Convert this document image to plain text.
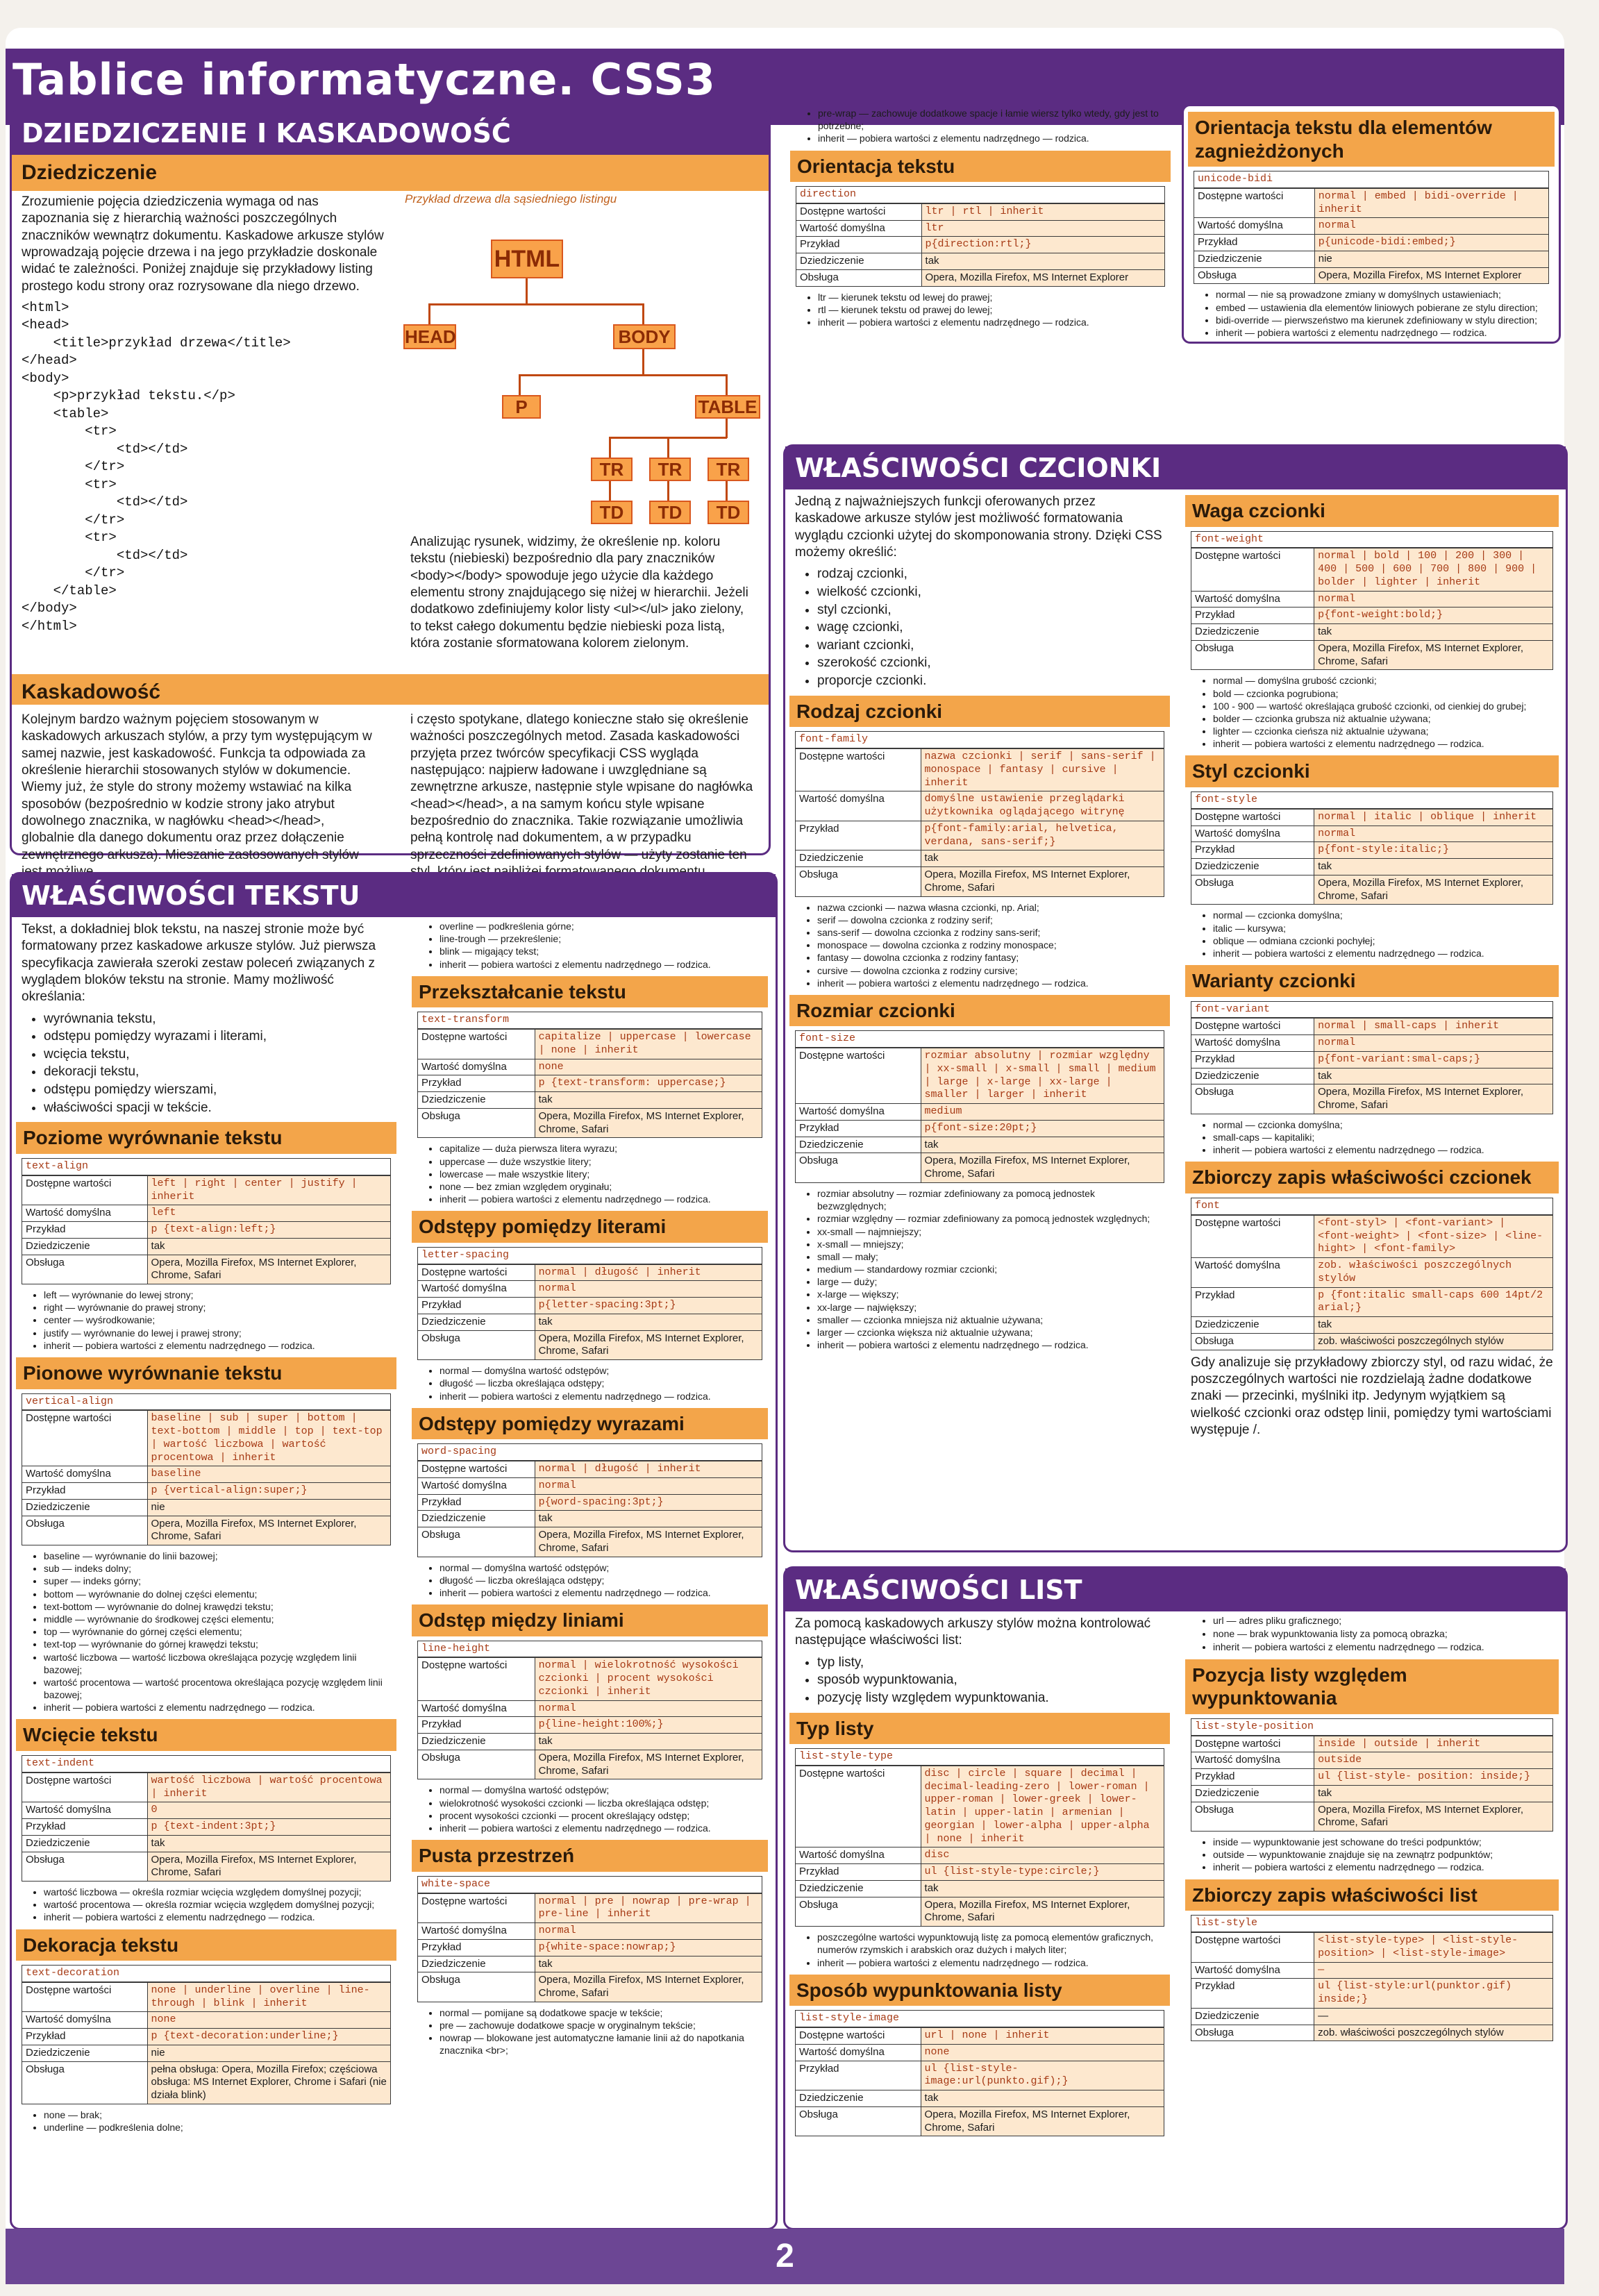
Tablice informatyczne. CSS3
DZIEDZICZENIE I KASKADOWOŚĆ
Dziedziczenie

Zrozumienie pojęcia dziedziczenia wymaga od nas zapoznania się z hierarchią ważności poszczególnych znaczników wewnątrz dokumentu. Kaskadowe arkusze stylów wprowadzają pojęcie drzewa i na jego przykładzie doskonale widać te zależności. Poniżej znajduje się przykładowy listing prostego kodu strony oraz rozrysowane dla niego drzewo.

<html>
<head>
<title>przykład drzewa</title>
</head>
<body>
<p>przykład tekstu.</p>
<table>
<tr>
<td></td>
</tr>
<tr>
<td></td>
</tr>
<tr>
<td></td>
</tr>
</table>
</body>
</html>
Przykład drzewa dla sąsiedniego listingu
HTML
HEAD	BODY
P	TABLE
TR	TR	TR
TD	TD	TD

Analizując rysunek, widzimy, że określenie np. koloru tekstu (niebieski) bezpośrednio dla pary znaczników <body></body> spowoduje jego użycie dla każdego elementu strony znajdującego się niżej w hierarchii. Jeżeli dodatkowo zdefiniujemy kolor listy <ul></ul> jako zielony, to tekst całego dokumentu będzie niebieski poza listą, która zostanie sformatowana kolorem zielonym.

Kaskadowość

Kolejnym bardzo ważnym pojęciem stosowanym w kaskadowych arkuszach stylów, a przy tym występującym w samej nazwie, jest kaskadowość. Funkcja ta odpowiada za określenie hierarchii stosowanych stylów w dokumencie. Wiemy już, że style do strony możemy wstawiać na kilka sposobów (bezpośrednio w kodzie strony jako atrybut dowolnego znacznika, w nagłówku <head></head>, globalnie dla danego dokumentu oraz przez dołączenie zewnętrznego arkusza). Mieszanie zastosowanych stylów

i często spotykane, dlatego konieczne stało się określenie ważności poszczególnych metod. Zasada kaskadowości przyjęta przez twórców specyfikacji CSS wygląda następująco: najpierw ładowane i uwzględniane są zewnętrzne arkusze, następnie style wpisane do nagłówka <head></head>, a na samym końcu style wpisane bezpośrednio do znacznika. Takie rozwiązanie umożliwia pełną kontrolę nad dokumentem, a w przypadku sprzeczności zdefiniowanych stylów — użyty zostanie ten

WŁAŚCIWOŚCI TEKSTU

Tekst, a dokładniej blok tekstu, na naszej stronie może być formatowany przez kaskadowe arkusze stylów. Już pierwsza specyfikacja zawierała szeroki zestaw poleceń związanych z wyglądem bloków tekstu na stronie. Mamy możliwość określania:

• wyrównania tekstu,
• odstępu pomiędzy wyrazami i literami,
• wcięcia tekstu,
• dekoracji tekstu,
• odstępu pomiędzy wierszami,
• właściwości spacji w tekście.
Poziome wyrównanie tekstu
text-align	
Dostępne wartości	left | right | center | justify | inherit
Wartość domyślna	left
Przykład	p {text-align:left;}
Dziedziczenie	tak
Obsługa	Opera, Mozilla Firefox, MS Internet Explorer, Chrome, Safari
• left — wyrównanie do lewej strony;
• right — wyrównanie do prawej strony;
• center — wyśrodkowanie;
• justify — wyrównanie do lewej i prawej strony;
• inherit — pobiera wartości z elementu nadrzędnego — rodzica.
Pionowe wyrównanie tekstu
vertical-align	
Dostępne wartości	baseline | sub | super | bottom | text-bottom | middle | top | text-top | wartość liczbowa | wartość procentowa | inherit
Wartość domyślna	baseline
Przykład	p {vertical-align:super;}
Dziedziczenie	nie
Obsługa	Opera, Mozilla Firefox, MS Internet Explorer, Chrome, Safari
• baseline — wyrównanie do linii bazowej;
• sub — indeks dolny;
• super — indeks górny;
• bottom — wyrównanie do dolnej części elementu;
• text-bottom — wyrównanie do dolnej krawędzi tekstu;
• middle — wyrównanie do środkowej części elementu;
• top — wyrównanie do górnej części elementu;
• text-top — wyrównanie do górnej krawędzi tekstu;
• wartość liczbowa — wartość liczbowa określająca pozycję względem linii bazowej;
• wartość procentowa — wartość procentowa określająca pozycję względem linii bazowej;
• inherit — pobiera wartości z elementu nadrzędnego — rodzica.
Wcięcie tekstu
text-indent	
Dostępne wartości	wartość liczbowa | wartość procentowa | inherit
Wartość domyślna	0
Przykład	p {text-indent:3pt;}
Dziedziczenie	tak
Obsługa	Opera, Mozilla Firefox, MS Internet Explorer, Chrome, Safari
• wartość liczbowa — określa rozmiar wcięcia względem domyślnej pozycji;
• wartość procentowa — określa rozmiar wcięcia względem domyślnej pozycji;
• inherit — pobiera wartości z elementu nadrzędnego — rodzica.
Dekoracja tekstu
text-decoration	
Dostępne wartości	none | underline | overline | line-through | blink | inherit
Wartość domyślna	none
Przykład	p {text-decoration:underline;}
Dziedziczenie	nie
Obsługa	pełna obsługa: Opera, Mozilla Firefox; częściowa obsługa: MS Internet Explorer, Chrome i Safari (nie działa blink)
• none — brak;
• underline — podkreślenia dolne;
• overline — podkreślenia górne;
• line-trough — przekreślenie;
• blink — migający tekst;
• inherit — pobiera wartości z elementu nadrzędnego — rodzica.
Przekształcanie tekstu
text-transform	
Dostępne wartości	capitalize | uppercase | lowercase | none | inherit
Wartość domyślna	none
Przykład	p {text-transform: uppercase;}
Dziedziczenie	tak
Obsługa	Opera, Mozilla Firefox, MS Internet Explorer, Chrome, Safari
• capitalize — duża pierwsza litera wyrazu;
• uppercase — duże wszystkie litery;
• lowercase — małe wszystkie litery;
• none — bez zmian względem oryginału;
• inherit — pobiera wartości z elementu nadrzędnego — rodzica.
Odstępy pomiędzy literami
letter-spacing	
Dostępne wartości	normal | długość | inherit
Wartość domyślna	normal
Przykład	p{letter-spacing:3pt;}
Dziedziczenie	tak
Obsługa	Opera, Mozilla Firefox, MS Internet Explorer, Chrome, Safari
• normal — domyślna wartość odstępów;
• długość — liczba określająca odstępy;
• inherit — pobiera wartości z elementu nadrzędnego — rodzica.
Odstępy pomiędzy wyrazami
word-spacing	
Dostępne wartości	normal | długość | inherit
Wartość domyślna	normal
Przykład	p{word-spacing:3pt;}
Dziedziczenie	tak
Obsługa	Opera, Mozilla Firefox, MS Internet Explorer, Chrome, Safari
• normal — domyślna wartość odstępów;
• długość — liczba określająca odstępy;
• inherit — pobiera wartości z elementu nadrzędnego — rodzica.
Odstęp między liniami
line-height	
Dostępne wartości	normal | wielokrotność wysokości czcionki | procent wysokości czcionki | inherit
Wartość domyślna	normal
Przykład	p{line-height:100%;}
Dziedziczenie	tak
Obsługa	Opera, Mozilla Firefox, MS Internet Explorer, Chrome, Safari
• normal — domyślna wartość odstępów;
• wielokrotność wysokości czcionki — liczba określająca odstęp;
• procent wysokości czcionki — procent określający odstęp;
• inherit — pobiera wartości z elementu nadrzędnego — rodzica.
Pusta przestrzeń
white-space	
Dostępne wartości	normal | pre | nowrap | pre-wrap | pre-line | inherit
Wartość domyślna	normal
Przykład	p{white-space:nowrap;}
Dziedziczenie	tak
Obsługa	Opera, Mozilla Firefox, MS Internet Explorer, Chrome, Safari
• normal — pomijane są dodatkowe spacje w tekście;
• pre — zachowuje dodatkowe spacje w oryginalnym tekście;
• nowrap — blokowane jest automatyczne łamanie linii aż do napotkania znacznika <br>;
• pre-wrap — zachowuje dodatkowe spacje i łamie wiersz tylko wtedy, gdy jest to potrzebne;
• inherit — pobiera wartości z elementu nadrzędnego — rodzica.
Orientacja tekstu
direction	
Dostępne wartości	ltr | rtl | inherit
Wartość domyślna	ltr
Przykład	p{direction:rtl;}
Dziedziczenie	tak
Obsługa	Opera, Mozilla Firefox, MS Internet Explorer
• ltr — kierunek tekstu od lewej do prawej;
• rtl — kierunek tekstu od prawej do lewej;
• inherit — pobiera wartości z elementu nadrzędnego — rodzica.
Orientacja tekstu dla elementów zagnieżdżonych
unicode-bidi	
Dostępne wartości	normal | embed | bidi-override | inherit
Wartość domyślna	normal
Przykład	p{unicode-bidi:embed;}
Dziedziczenie	nie
Obsługa	Opera, Mozilla Firefox, MS Internet Explorer
• normal — nie są prowadzone zmiany w domyślnych ustawieniach;
• embed — ustawienia dla elementów liniowych pobierane ze stylu direction;
• bidi-override — pierwszeństwo ma kierunek zdefiniowany w stylu direction;
• inherit — pobiera wartości z elementu nadrzędnego — rodzica.
WŁAŚCIWOŚCI CZCIONKI

Jedną z najważniejszych funkcji oferowanych przez kaskadowe arkusze stylów jest możliwość formatowania wyglądu czcionki użytej do skomponowania strony. Dzięki CSS możemy określić:

• rodzaj czcionki,
• wielkość czcionki,
• styl czcionki,
• wagę czcionki,
• wariant czcionki,
• szerokość czcionki,
• proporcje czcionki.
Rodzaj czcionki
font-family	
Dostępne wartości	nazwa czcionki | serif | sans-serif | monospace | fantasy | cursive | inherit
Wartość domyślna	domyślne ustawienie przeglądarki użytkownika oglądającego witrynę
Przykład	p{font-family:arial, helvetica, verdana, sans-serif;}
Dziedziczenie	tak
Obsługa	Opera, Mozilla Firefox, MS Internet Explorer, Chrome, Safari
• nazwa czcionki — nazwa własna czcionki, np. Arial;
• serif — dowolna czcionka z rodziny serif;
• sans-serif — dowolna czcionka z rodziny sans-serif;
• monospace — dowolna czcionka z rodziny monospace;
• fantasy — dowolna czcionka z rodziny fantasy;
• cursive — dowolna czcionka z rodziny cursive;
• inherit — pobiera wartości z elementu nadrzędnego — rodzica.
Rozmiar czcionki
font-size	
Dostępne wartości	rozmiar absolutny | rozmiar względny | xx-small | x-small | small | medium | large | x-large | xx-large | smaller | larger | inherit
Wartość domyślna	medium
Przykład	p{font-size:20pt;}
Dziedziczenie	tak
Obsługa	Opera, Mozilla Firefox, MS Internet Explorer, Chrome, Safari
• rozmiar absolutny — rozmiar zdefiniowany za pomocą jednostek bezwzględnych;
• rozmiar względny — rozmiar zdefiniowany za pomocą jednostek względnych;
• xx-small — najmniejszy;
• x-small — mniejszy;
• small — mały;
• medium — standardowy rozmiar czcionki;
• large — duży;
• x-large — większy;
• xx-large — największy;
• smaller — czcionka mniejsza niż aktualnie używana;
• larger — czcionka większa niż aktualnie używana;
• inherit — pobiera wartości z elementu nadrzędnego — rodzica.
Waga czcionki
font-weight	
Dostępne wartości	normal | bold | 100 | 200 | 300 | 400 | 500 | 600 | 700 | 800 | 900 | bolder | lighter | inherit
Wartość domyślna	normal
Przykład	p{font-weight:bold;}
Dziedziczenie	tak
Obsługa	Opera, Mozilla Firefox, MS Internet Explorer, Chrome, Safari
• normal — domyślna grubość czcionki;
• bold — czcionka pogrubiona;
• 100 - 900 — wartość określająca grubość czcionki, od cienkiej do grubej;
• bolder — czcionka grubsza niż aktualnie używana;
• lighter — czcionka cieńsza niż aktualnie używana;
• inherit — pobiera wartości z elementu nadrzędnego — rodzica.
Styl czcionki
font-style	
Dostępne wartości	normal | italic | oblique | inherit
Wartość domyślna	normal
Przykład	p{font-style:italic;}
Dziedziczenie	tak
Obsługa	Opera, Mozilla Firefox, MS Internet Explorer, Chrome, Safari
• normal — czcionka domyślna;
• italic — kursywa;
• oblique — odmiana czcionki pochyłej;
• inherit — pobiera wartości z elementu nadrzędnego — rodzica.
Warianty czcionki
font-variant	
Dostępne wartości	normal | small-caps | inherit
Wartość domyślna	normal
Przykład	p{font-variant:smal-caps;}
Dziedziczenie	tak
Obsługa	Opera, Mozilla Firefox, MS Internet Explorer, Chrome, Safari
• normal — czcionka domyślna;
• small-caps — kapitaliki;
• inherit — pobiera wartości z elementu nadrzędnego — rodzica.
Zbiorczy zapis właściwości czcionek
font	
Dostępne wartości	<font-styl> | <font-variant> | <font-weight> | <font-size> | <line-hight> | <font-family>
Wartość domyślna	zob. właściwości poszczególnych stylów
Przykład	p {font:italic small-caps 600 14pt/2 arial;}
Dziedziczenie	tak
Obsługa	zob. właściwości poszczególnych stylów

Gdy analizuje się przykładowy zbiorczy styl, od razu widać, że poszczególnych wartości nie rozdzielają żadne dodatkowe znaki — przecinki, myślniki itp. Jedynym wyjątkiem są wielkość czcionki oraz odstęp linii, pomiędzy tymi wartościami występuje /.

WŁAŚCIWOŚCI LIST

Za pomocą kaskadowych arkuszy stylów można kontrolować następujące właściwości list:

• typ listy,
• sposób wypunktowania,
• pozycję listy względem wypunktowania.
Typ listy
list-style-type	
Dostępne wartości	disc | circle | square | decimal | decimal-leading-zero | lower-roman | upper-roman | lower-greek | lower-latin | upper-latin | armenian | georgian | lower-alpha | upper-alpha | none | inherit
Wartość domyślna	disc
Przykład	ul {list-style-type:circle;}
Dziedziczenie	tak
Obsługa	Opera, Mozilla Firefox, MS Internet Explorer, Chrome, Safari
• poszczególne wartości wypunktowują listę za pomocą elementów graficznych, numerów rzymskich i arabskich oraz dużych i małych liter;
• inherit — pobiera wartości z elementu nadrzędnego — rodzica.
Sposób wypunktowania listy
list-style-image	
Dostępne wartości	url | none | inherit
Wartość domyślna	none
Przykład	ul {list-style-image:url(punkto.gif);}
Dziedziczenie	tak
Obsługa	Opera, Mozilla Firefox, MS Internet Explorer, Chrome, Safari
• url — adres pliku graficznego;
• none — brak wypunktowania listy za pomocą obrazka;
• inherit — pobiera wartości z elementu nadrzędnego — rodzica.
Pozycja listy względem wypunktowania
list-style-position	
Dostępne wartości	inside | outside | inherit
Wartość domyślna	outside
Przykład	ul {list-style- position: inside;}
Dziedziczenie	tak
Obsługa	Opera, Mozilla Firefox, MS Internet Explorer, Chrome, Safari
• inside — wypunktowanie jest schowane do treści podpunktów;
• outside — wypunktowanie znajduje się na zewnątrz podpunktów;
• inherit — pobiera wartości z elementu nadrzędnego — rodzica.
Zbiorczy zapis właściwości list
list-style	
Dostępne wartości	<list-style-type> | <list-style-position> | <list-style-image>
Wartość domyślna	—
Przykład	ul {list-style:url(punktor.gif) inside;}
Dziedziczenie	—
Obsługa	zob. właściwości poszczególnych stylów
2
